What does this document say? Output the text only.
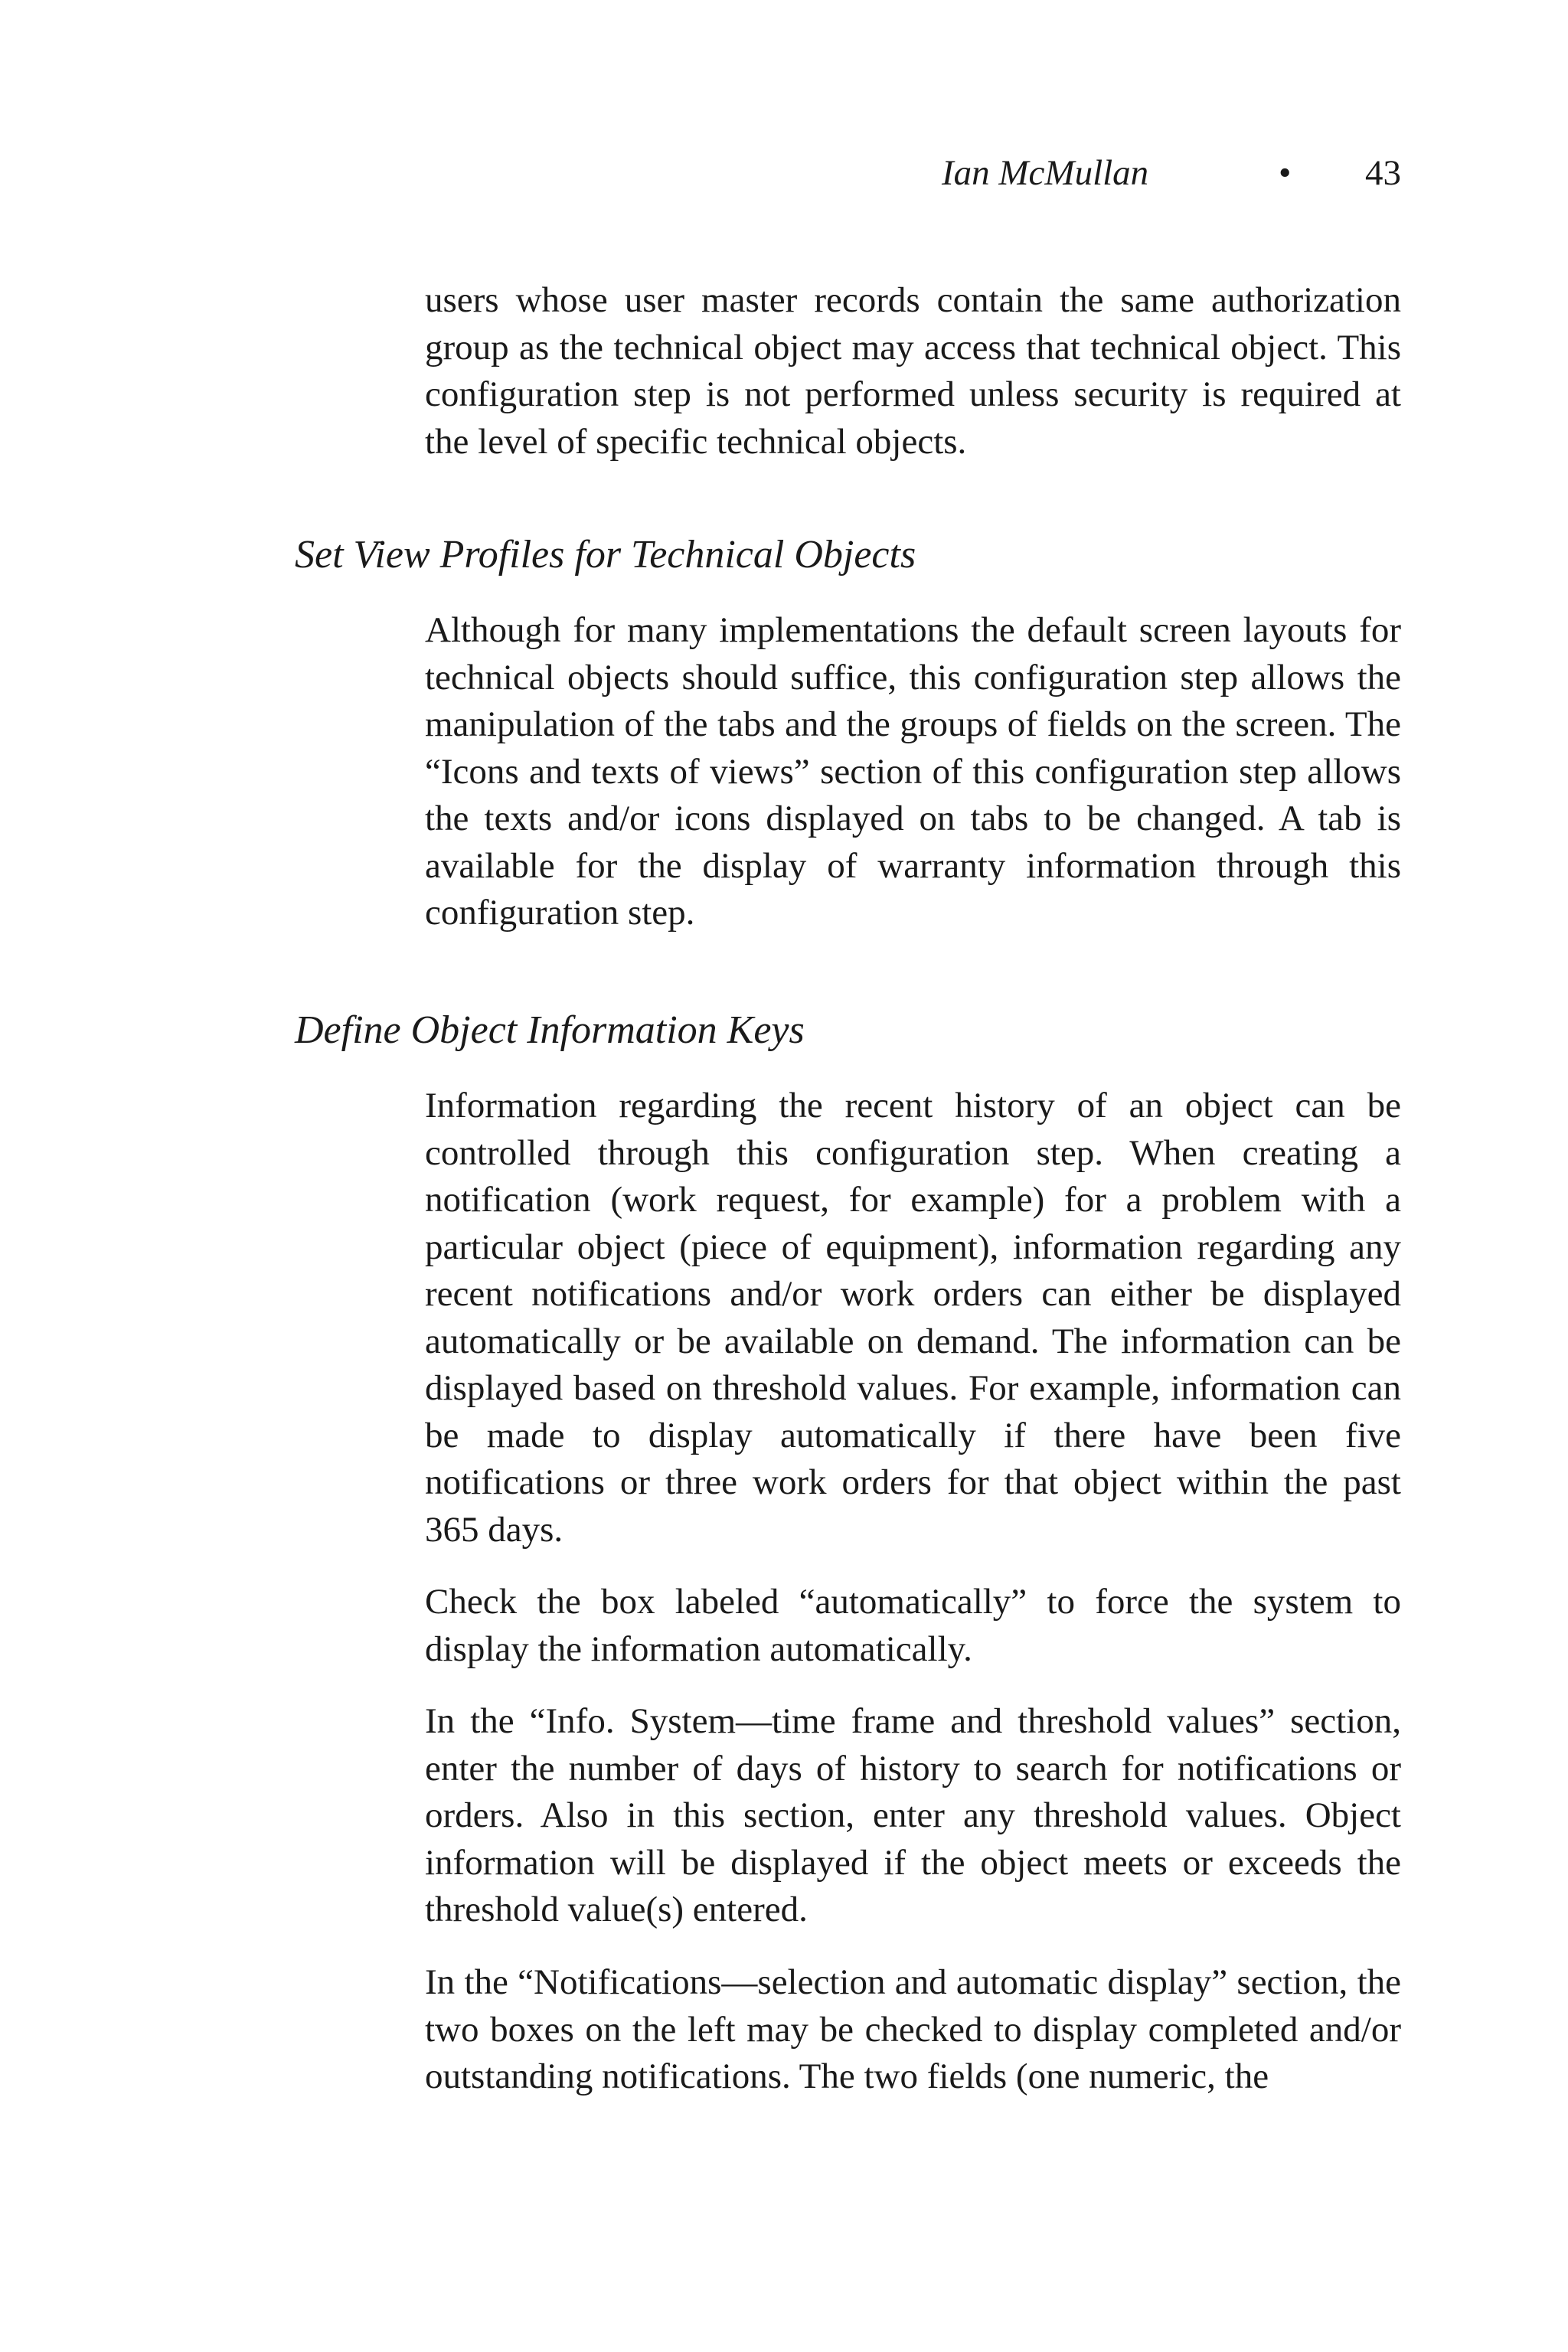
Ian McMullan	• 43

users whose user master records contain the same authorization group as the technical object may access that technical object. This configuration step is not performed unless security is required at the level of specific technical objects.

Set View Profiles for Technical Objects

Although for many implementations the default screen layouts for technical objects should suffice, this configuration step allows the manipulation of the tabs and the groups of fields on the screen. The “Icons and texts of views” section of this configuration step allows the texts and/or icons displayed on tabs to be changed. A tab is available for the display of warranty information through this configuration step.

Define Object Information Keys

Information regarding the recent history of an object can be controlled through this configuration step. When creating a notification (work request, for example) for a problem with a particular object (piece of equipment), information regarding any recent notifications and/or work orders can either be displayed automatically or be available on demand. The information can be displayed based on threshold values. For example, information can be made to display automatically if there have been five notifications or three work orders for that object within the past 365 days.

Check the box labeled “automatically” to force the system to display the information automatically.

In the “Info. System—time frame and threshold values” section, enter the number of days of history to search for notifications or orders. Also in this section, enter any threshold values. Object information will be displayed if the object meets or exceeds the threshold value(s) entered.

In the “Notifications—selection and automatic display” section, the two boxes on the left may be checked to display completed and/or outstanding notifications. The two fields (one numeric, the
